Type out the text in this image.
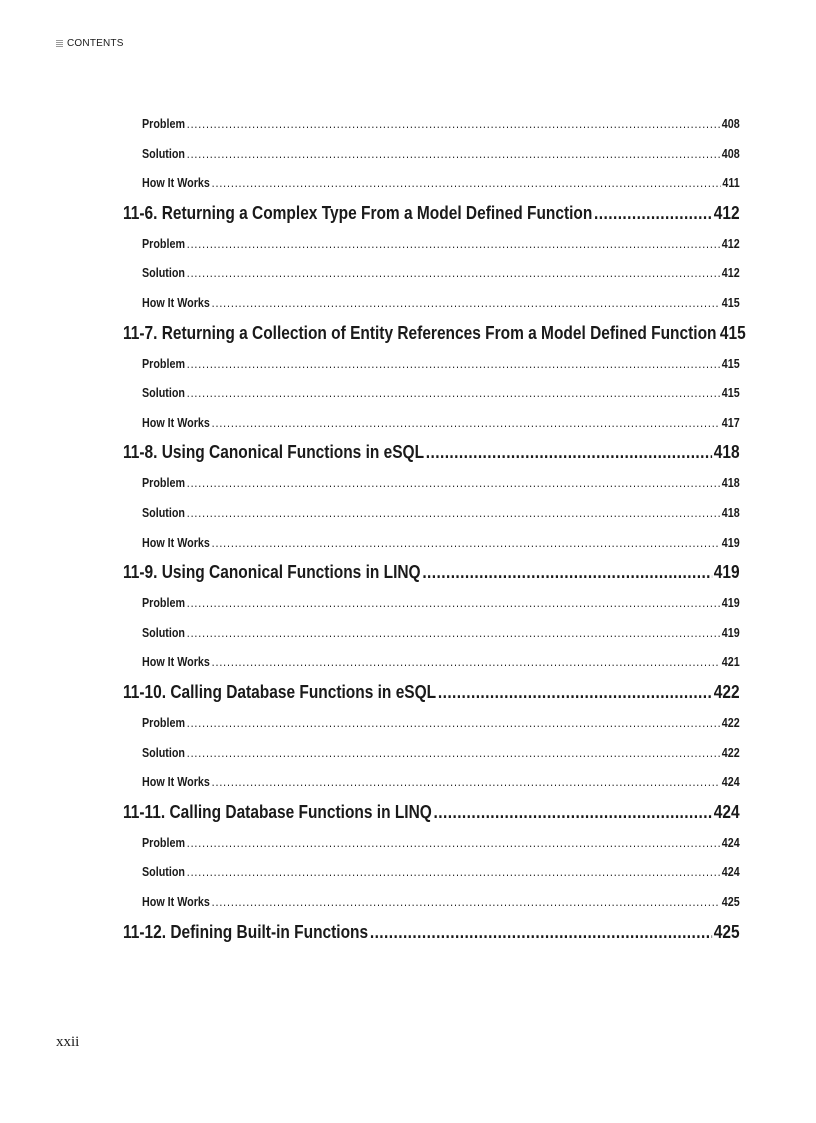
CONTENTS
Problem .....	408
Solution .....	408
How It Works .....	411
11-6. Returning a Complex Type From a Model Defined Function .....	412
Problem .....	412
Solution .....	412
How It Works .....	415
11-7. Returning a Collection of Entity References From a Model Defined Function 415
Problem .....	415
Solution .....	415
How It Works .....	417
11-8. Using Canonical Functions in eSQL .....	418
Problem .....	418
Solution .....	418
How It Works .....	419
11-9. Using Canonical Functions in LINQ .....	419
Problem .....	419
Solution .....	419
How It Works .....	421
11-10. Calling Database Functions in eSQL .....	422
Problem .....	422
Solution .....	422
How It Works .....	424
11-11. Calling Database Functions in LINQ .....	424
Problem .....	424
Solution .....	424
How It Works .....	425
11-12. Defining Built-in Functions .....	425
xxii
